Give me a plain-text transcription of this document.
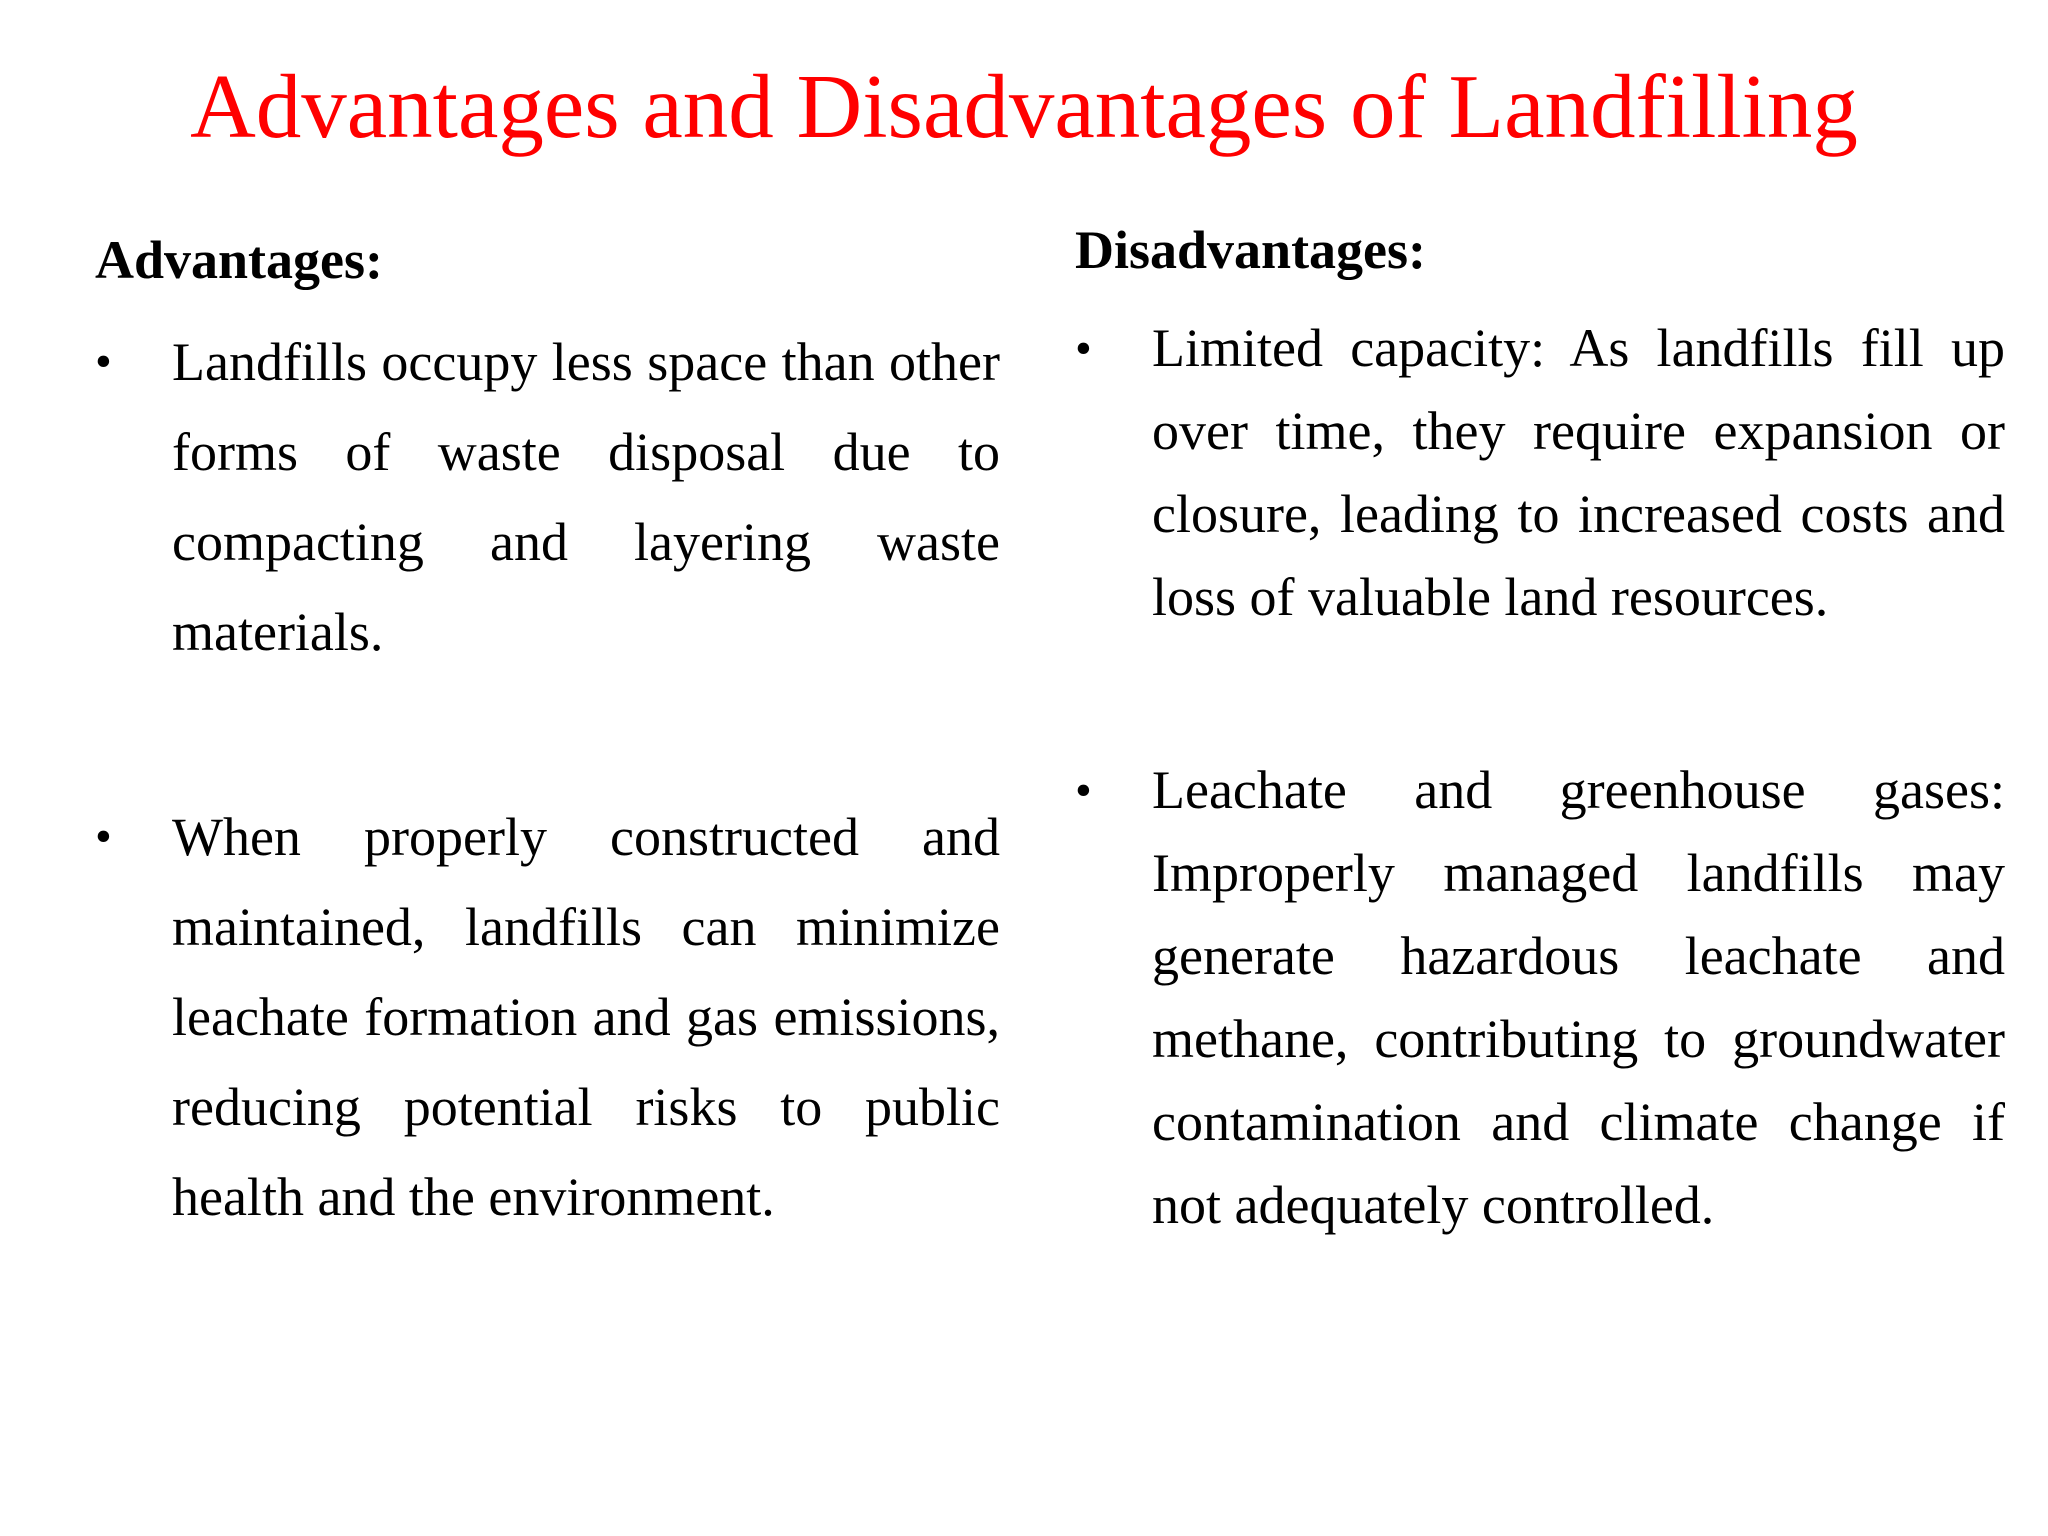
Advantages and Disadvantages of Landfilling
Advantages:
•	Landfills occupy less space than other forms of waste disposal due to compacting and layering waste materials.
•	When properly constructed and maintained, landfills can minimize leachate formation and gas emissions, reducing potential risks to public health and the environment.
Disadvantages:
•	Limited capacity: As landfills fill up over time, they require expansion or closure, leading to increased costs and loss of valuable land resources.
•	Leachate and greenhouse gases: Improperly managed landfills may generate hazardous leachate and methane, contributing to groundwater contamination and climate change if not adequately controlled.
